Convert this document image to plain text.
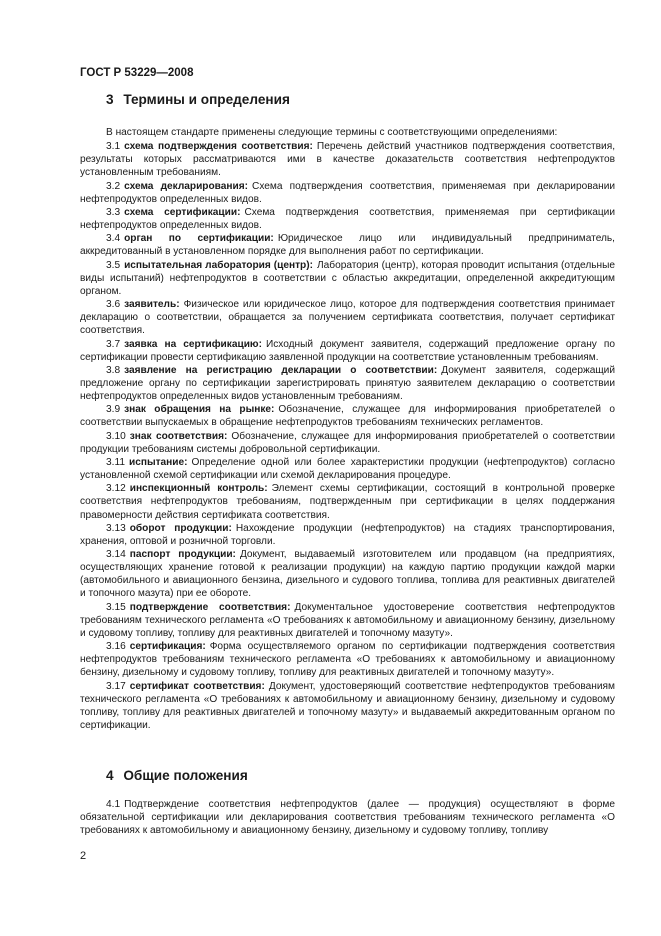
ГОСТ Р 53229—2008
3 Термины и определения

В настоящем стандарте применены следующие термины с соответствующими определениями:

3.1 схема подтверждения соответствия: Перечень действий участников подтверждения соответствия, результаты которых рассматриваются ими в качестве доказательств соответствия нефтепродуктов установленным требованиям.

3.2 схема декларирования: Схема подтверждения соответствия, применяемая при декларировании нефтепродуктов определенных видов.

3.3 схема сертификации: Схема подтверждения соответствия, применяемая при сертификации нефтепродуктов определенных видов.

3.4 орган по сертификации: Юридическое лицо или индивидуальный предприниматель, аккредитованный в установленном порядке для выполнения работ по сертификации.

3.5 испытательная лаборатория (центр): Лаборатория (центр), которая проводит испытания (отдельные виды испытаний) нефтепродуктов в соответствии с областью аккредитации, определенной аккредитующим органом.

3.6 заявитель: Физическое или юридическое лицо, которое для подтверждения соответствия принимает декларацию о соответствии, обращается за получением сертификата соответствия, получает сертификат соответствия.

3.7 заявка на сертификацию: Исходный документ заявителя, содержащий предложение органу по сертификации провести сертификацию заявленной продукции на соответствие установленным требованиям.

3.8 заявление на регистрацию декларации о соответствии: Документ заявителя, содержащий предложение органу по сертификации зарегистрировать принятую заявителем декларацию о соответствии нефтепродуктов определенных видов установленным требованиям.

3.9 знак обращения на рынке: Обозначение, служащее для информирования приобретателей о соответствии выпускаемых в обращение нефтепродуктов требованиям технических регламентов.

3.10 знак соответствия: Обозначение, служащее для информирования приобретателей о соответствии продукции требованиям системы добровольной сертификации.

3.11 испытание: Определение одной или более характеристики продукции (нефтепродуктов) согласно установленной схемой сертификации или схемой декларирования процедуре.

3.12 инспекционный контроль: Элемент схемы сертификации, состоящий в контрольной проверке соответствия нефтепродуктов требованиям, подтвержденным при сертификации в целях поддержания правомерности действия сертификата соответствия.

3.13 оборот продукции: Нахождение продукции (нефтепродуктов) на стадиях транспортирования, хранения, оптовой и розничной торговли.

3.14 паспорт продукции: Документ, выдаваемый изготовителем или продавцом (на предприятиях, осуществляющих хранение готовой к реализации продукции) на каждую партию продукции каждой марки (автомобильного и авиационного бензина, дизельного и судового топлива, топлива для реактивных двигателей и топочного мазута) при ее обороте.

3.15 подтверждение соответствия: Документальное удостоверение соответствия нефтепродуктов требованиям технического регламента «О требованиях к автомобильному и авиационному бензину, дизельному и судовому топливу, топливу для реактивных двигателей и топочному мазуту».

3.16 сертификация: Форма осуществляемого органом по сертификации подтверждения соответствия нефтепродуктов требованиям технического регламента «О требованиях к автомобильному и авиационному бензину, дизельному и судовому топливу, топливу для реактивных двигателей и топочному мазуту».

3.17 сертификат соответствия: Документ, удостоверяющий соответствие нефтепродуктов требованиям технического регламента «О требованиях к автомобильному и авиационному бензину, дизельному и судовому топливу, топливу для реактивных двигателей и топочному мазуту» и выдаваемый аккредитованным органом по сертификации.

4 Общие положения

4.1 Подтверждение соответствия нефтепродуктов (далее — продукция) осуществляют в форме обязательной сертификации или декларирования соответствия требованиям технического регламента «О требованиях к автомобильному и авиационному бензину, дизельному и судовому топливу, топливу

2
